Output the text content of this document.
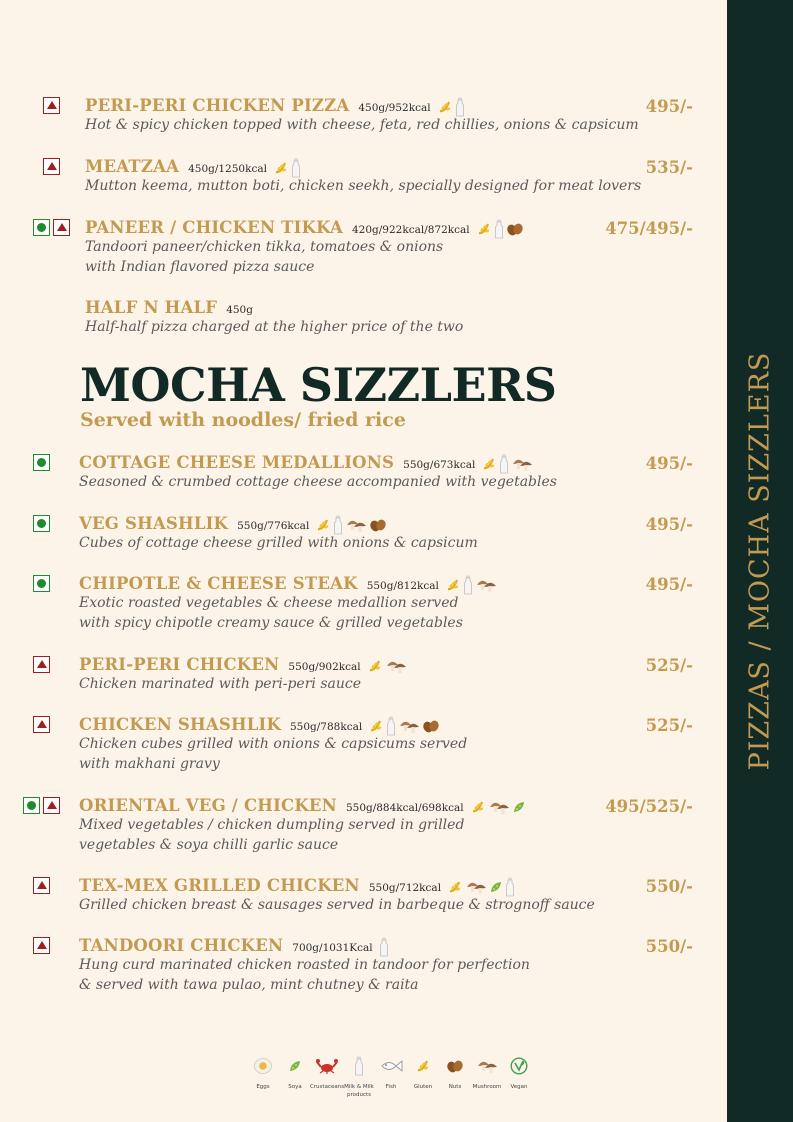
PIZZAS / MOCHA SIZZLERS
PERI-PERI CHICKEN PIZZA 450g/952kcal
Hot & spicy chicken topped with cheese, feta, red chillies, onions & capsicum
495/-
MEATZAA 450g/1250kcal
Mutton keema, mutton boti, chicken seekh, specially designed for meat lovers
535/-
PANEER / CHICKEN TIKKA 420g/922kcal/872kcal
Tandoori paneer/chicken tikka, tomatoes & onions
with Indian flavored pizza sauce
475/495/-
HALF N HALF 450g
Half-half pizza charged at the higher price of the two
MOCHA SIZZLERS
Served with noodles/ fried rice
COTTAGE CHEESE MEDALLIONS 550g/673kcal
Seasoned & crumbed cottage cheese accompanied with vegetables
495/-
VEG SHASHLIK 550g/776kcal
Cubes of cottage cheese grilled with onions & capsicum
495/-
CHIPOTLE & CHEESE STEAK 550g/812kcal
Exotic roasted vegetables & cheese medallion served
with spicy chipotle creamy sauce & grilled vegetables
495/-
PERI-PERI CHICKEN 550g/902kcal
Chicken marinated with peri-peri sauce
525/-
CHICKEN SHASHLIK 550g/788kcal
Chicken cubes grilled with onions & capsicums served
with makhani gravy
525/-
ORIENTAL VEG / CHICKEN 550g/884kcal/698kcal
Mixed vegetables / chicken dumpling served in grilled
vegetables & soya chilli garlic sauce
495/525/-
TEX-MEX GRILLED CHICKEN 550g/712kcal
Grilled chicken breast & sausages served in barbeque & strognoff sauce
550/-
TANDOORI CHICKEN 700g/1031Kcal
Hung curd marinated chicken roasted in tandoor for perfection
& served with tawa pulao, mint chutney & raita
550/-
Eggs	Soya Crustaceans Milk & Milk products
Fish	Gluten	Nuts Mushroom Vegan
